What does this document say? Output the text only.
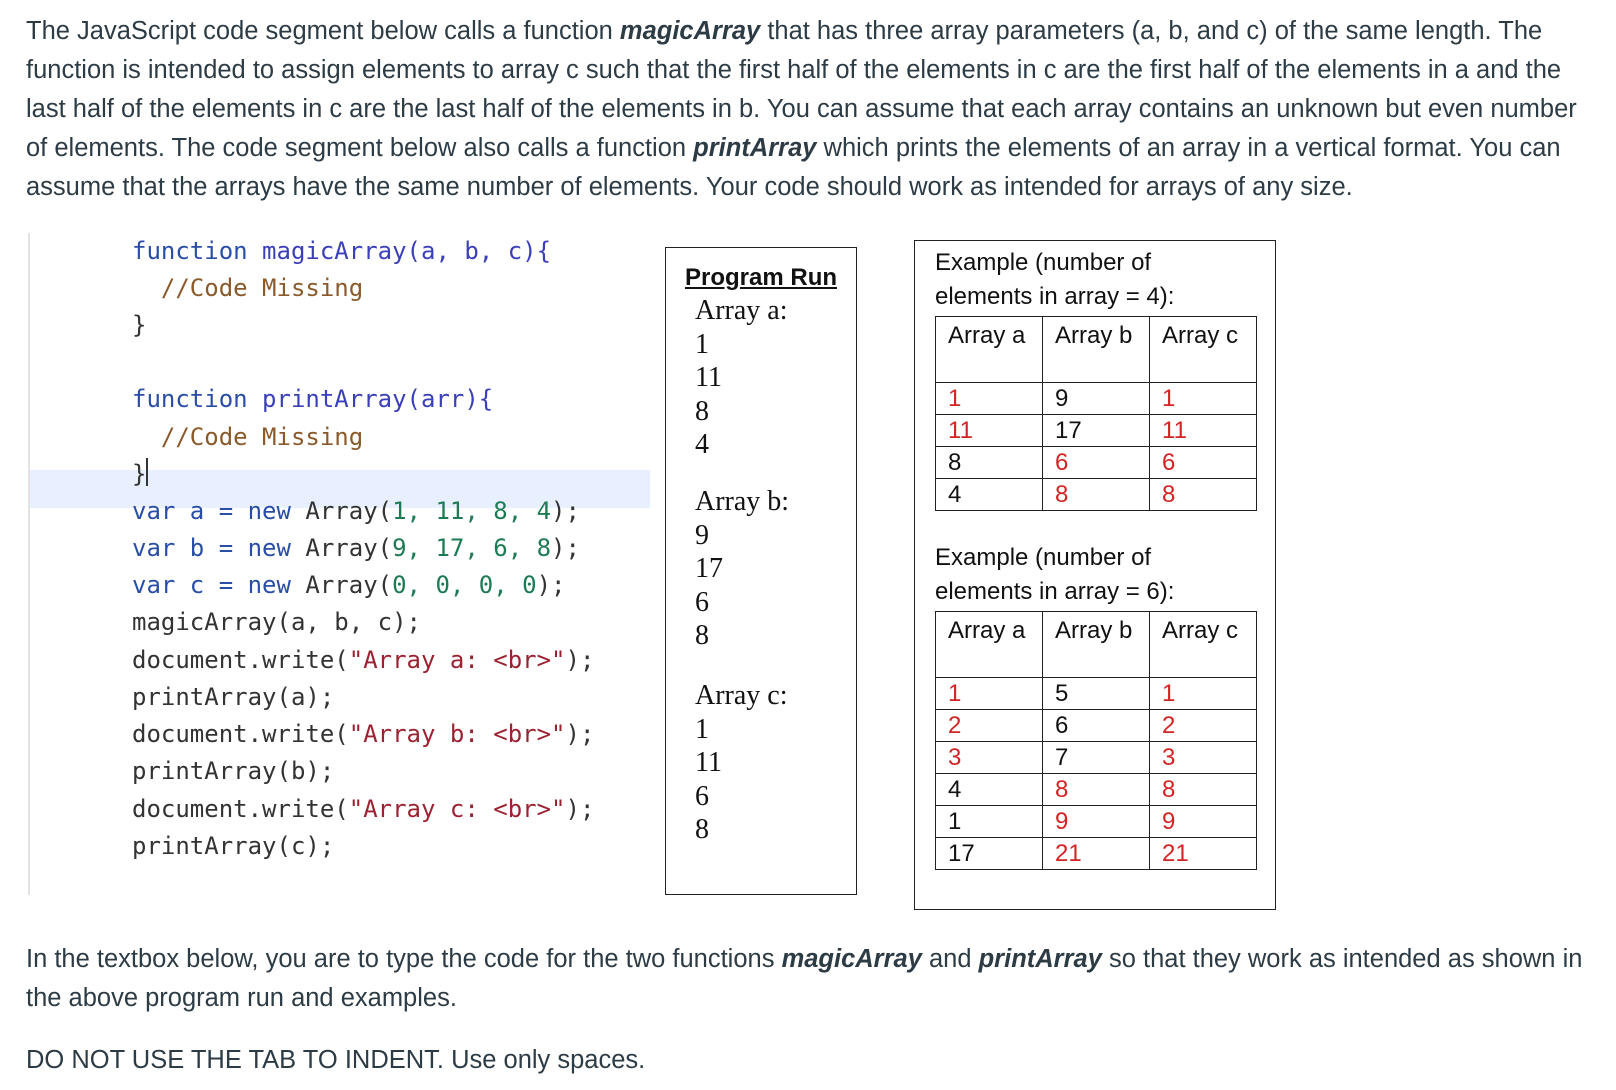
The JavaScript code segment below calls a function magicArray that has three array parameters (a, b, and c) of the same length. The function is intended to assign elements to array c such that the first half of the elements in c are the first half of the elements in a and the last half of the elements in c are the last half of the elements in b. You can assume that each array contains an unknown but even number of elements. The code segment below also calls a function printArray which prints the elements of an array in a vertical format. You can assume that the arrays have the same number of elements. Your code should work as intended for arrays of any size.

function magicArray(a, b, c){
//Code Missing
}
function printArray(arr){
//Code Missing
}
var a = new Array(1, 11, 8, 4);
var b = new Array(9, 17, 6, 8);
var c = new Array(0, 0, 0, 0);
magicArray(a, b, c);
document.write("Array a: <br>");
printArray(a);
document.write("Array b: <br>");
printArray(b);
document.write("Array c: <br>");
printArray(c);
Program Run
Array a:
1
11
8
4
Array b:
9
17
6
8
Array c:
1
11
6
8
Example (number of elements in array = 4):
Array a	Array b	Array c
1	9	1
11	17	11
8	6	6
4	8	8
Example (number of elements in array = 6):
Array a	Array b	Array c
1	5	1
2	6	2
3	7	3
4	8	8
1	9	9
17	21	21

In the textbox below, you are to type the code for the two functions magicArray and printArray so that they work as intended as shown in the above program run and examples.

DO NOT USE THE TAB TO INDENT. Use only spaces.
